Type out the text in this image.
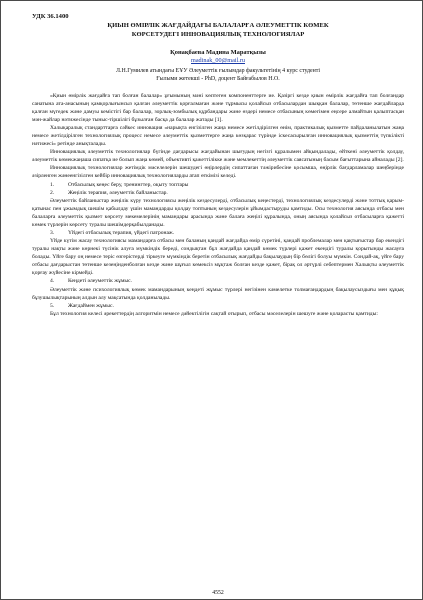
УДК 36.1400
ҚИЫН ӨМІРЛІК ЖАҒДАЙДАҒЫ БАЛАЛАРҒА ӘЛЕУМЕТТІК КӨМЕК
КӨРСЕТУДЕГІ ИННОВАЦИЯЛЫҚ ТЕХНОЛОГИЯЛАР
Қонақбаева Мадина Маратқызы
madinak_00@mail.ru
Л.Н.Гумилев атындағы ЕҰУ Әлеуметтік ғылымдар факультетінің 4 курс студенті
Ғылыми жетекші - PhD, доцент Байғабылов Н.О.

«Қиын өмірлік жағдайға тап болған балалар» ұғымының мәні көптеген компоненттерге ие. Қазіргі кезде қиын өмірлік жағдайға тап болғандар санатына ата-анасының қамқорлығынсыз қалған әлеуметтік қорғалмаған және тұрмысы қолайсыз отбасылардан шыққан балалар, төтенше жағдайларда қалған мүгедек және дамуы кемістігі бар балалар, зорлық-зомбылық құрбандары және өздері немесе отбасының көмегімен еңсере алмайтын қалыптасқан мән-жайлар нәтижесінде тыныс-тіршілігі бұзылған басқа да балалар жатады [1].

Халықаралық стандарттарға сәйкес инновация «нарықта енгізілген жаңа немесе жетілдірілген өнім, практикалық қызметте пайдаланылатын жаңа немесе жетілдірілген технологиялық процесс немесе әлеуметтік қызметтерге жаңа көзқарас түрінде іскесасырылған инновациялық қызметтің түпкілікті нәтижесі» ретінде анықталады.

Инновациялық әлеуметтік технологиялар бүгінде дағдарысы жағдайынан шығудың негізгі құралымен айқындалады, өйткені әлеуметтік қолдау, әлеуметтік көмекжаңаша сипатқа ие болып жаңа көмей, объективті қажеттілікке және мемлекеттің әлеуметтік саясатының басым бағыттарына айналады [2].

Инновациялық технологиялар жетімдік мәселелерін шешудегі өңірлердің сипаттаған тәжірибесіне қосымша, өңірлік бағдарламалар шеңберінде әзірленген жәнеенгізілген кейбір инновациялық технологияларды атап өткімізі келеді.

1. Отбасылық кеңес беру, тренингтер, оқыту топтары
2. Жеңілік терапия, әлеуметтік байланыстар.

Әлеуметтік байланыстар жеңілік күру технологиясы жеңілік кездесулерді, отбасылық кеңестерді, технологиялық кездесулерді және тоттық қарым-қатынас пен ұжымдық шешім қабылдау үшін мамандарды қолдау топтының кездесулерін ұйымдастыруды қамтиды. Осы технология аясында отбасы мен балаларға әлеуметтік қызмет көрсету мекемелерінің мамандары арасында және балаға жеңілі құралында, оның аясында қолайсыз отбасыларға қажетті көмек түрлерін көрсету туралы шешімдерқабылданады.

3. Үйдегі отбасылық терапия, үйдегі патронаж.

Үйде күтім жасау технологиясы мамандарға отбасы мен баланың қандай жағдайда өмір сүретіні, қандай проблемалар мен қақтығыстар бар екендігі туралы нақты және көрнекі түсінік алуға мүмкіндік береді, сондықтан бұл жағдайда қандай көмек түрлері қажет екендігі туралы қорытынды жасауға болады. Үйге бару оң немесе теріс өзгерістерді тіркеуге мүмкіндік беретін отбасылық жағдайды бақылаудың бір бөлігі болуы мүмкін. Сондай-ақ, үйге бару отбасы дағдарыстан төтенше кезеңінденболған кезде және шұғыл көмексіз мұқтаж болған кезде қажет, бірақ ол әртүрлі себептермен Халықты әлеуметтік қорғау жүйесіне кірмейді.

4. Кеңдеті әлеуметтік жұмыс.

Әлеуметтік және психологиялық көмек мамандарының кеңдеті жұмыс түрлері негізінен кәмелетке толмағандардың бақылаусыздығы мен құқық бұзушылықтарының алдын алу мақсатында қолданылады.

5. Жағдаймен жұмыс.

Бұл технология келесі әрекеттердің алгоритмін немесе дәйектілігін сақтай отырып, отбасы мәселелерін шешуге және қоларасты қамтиды:

4552
